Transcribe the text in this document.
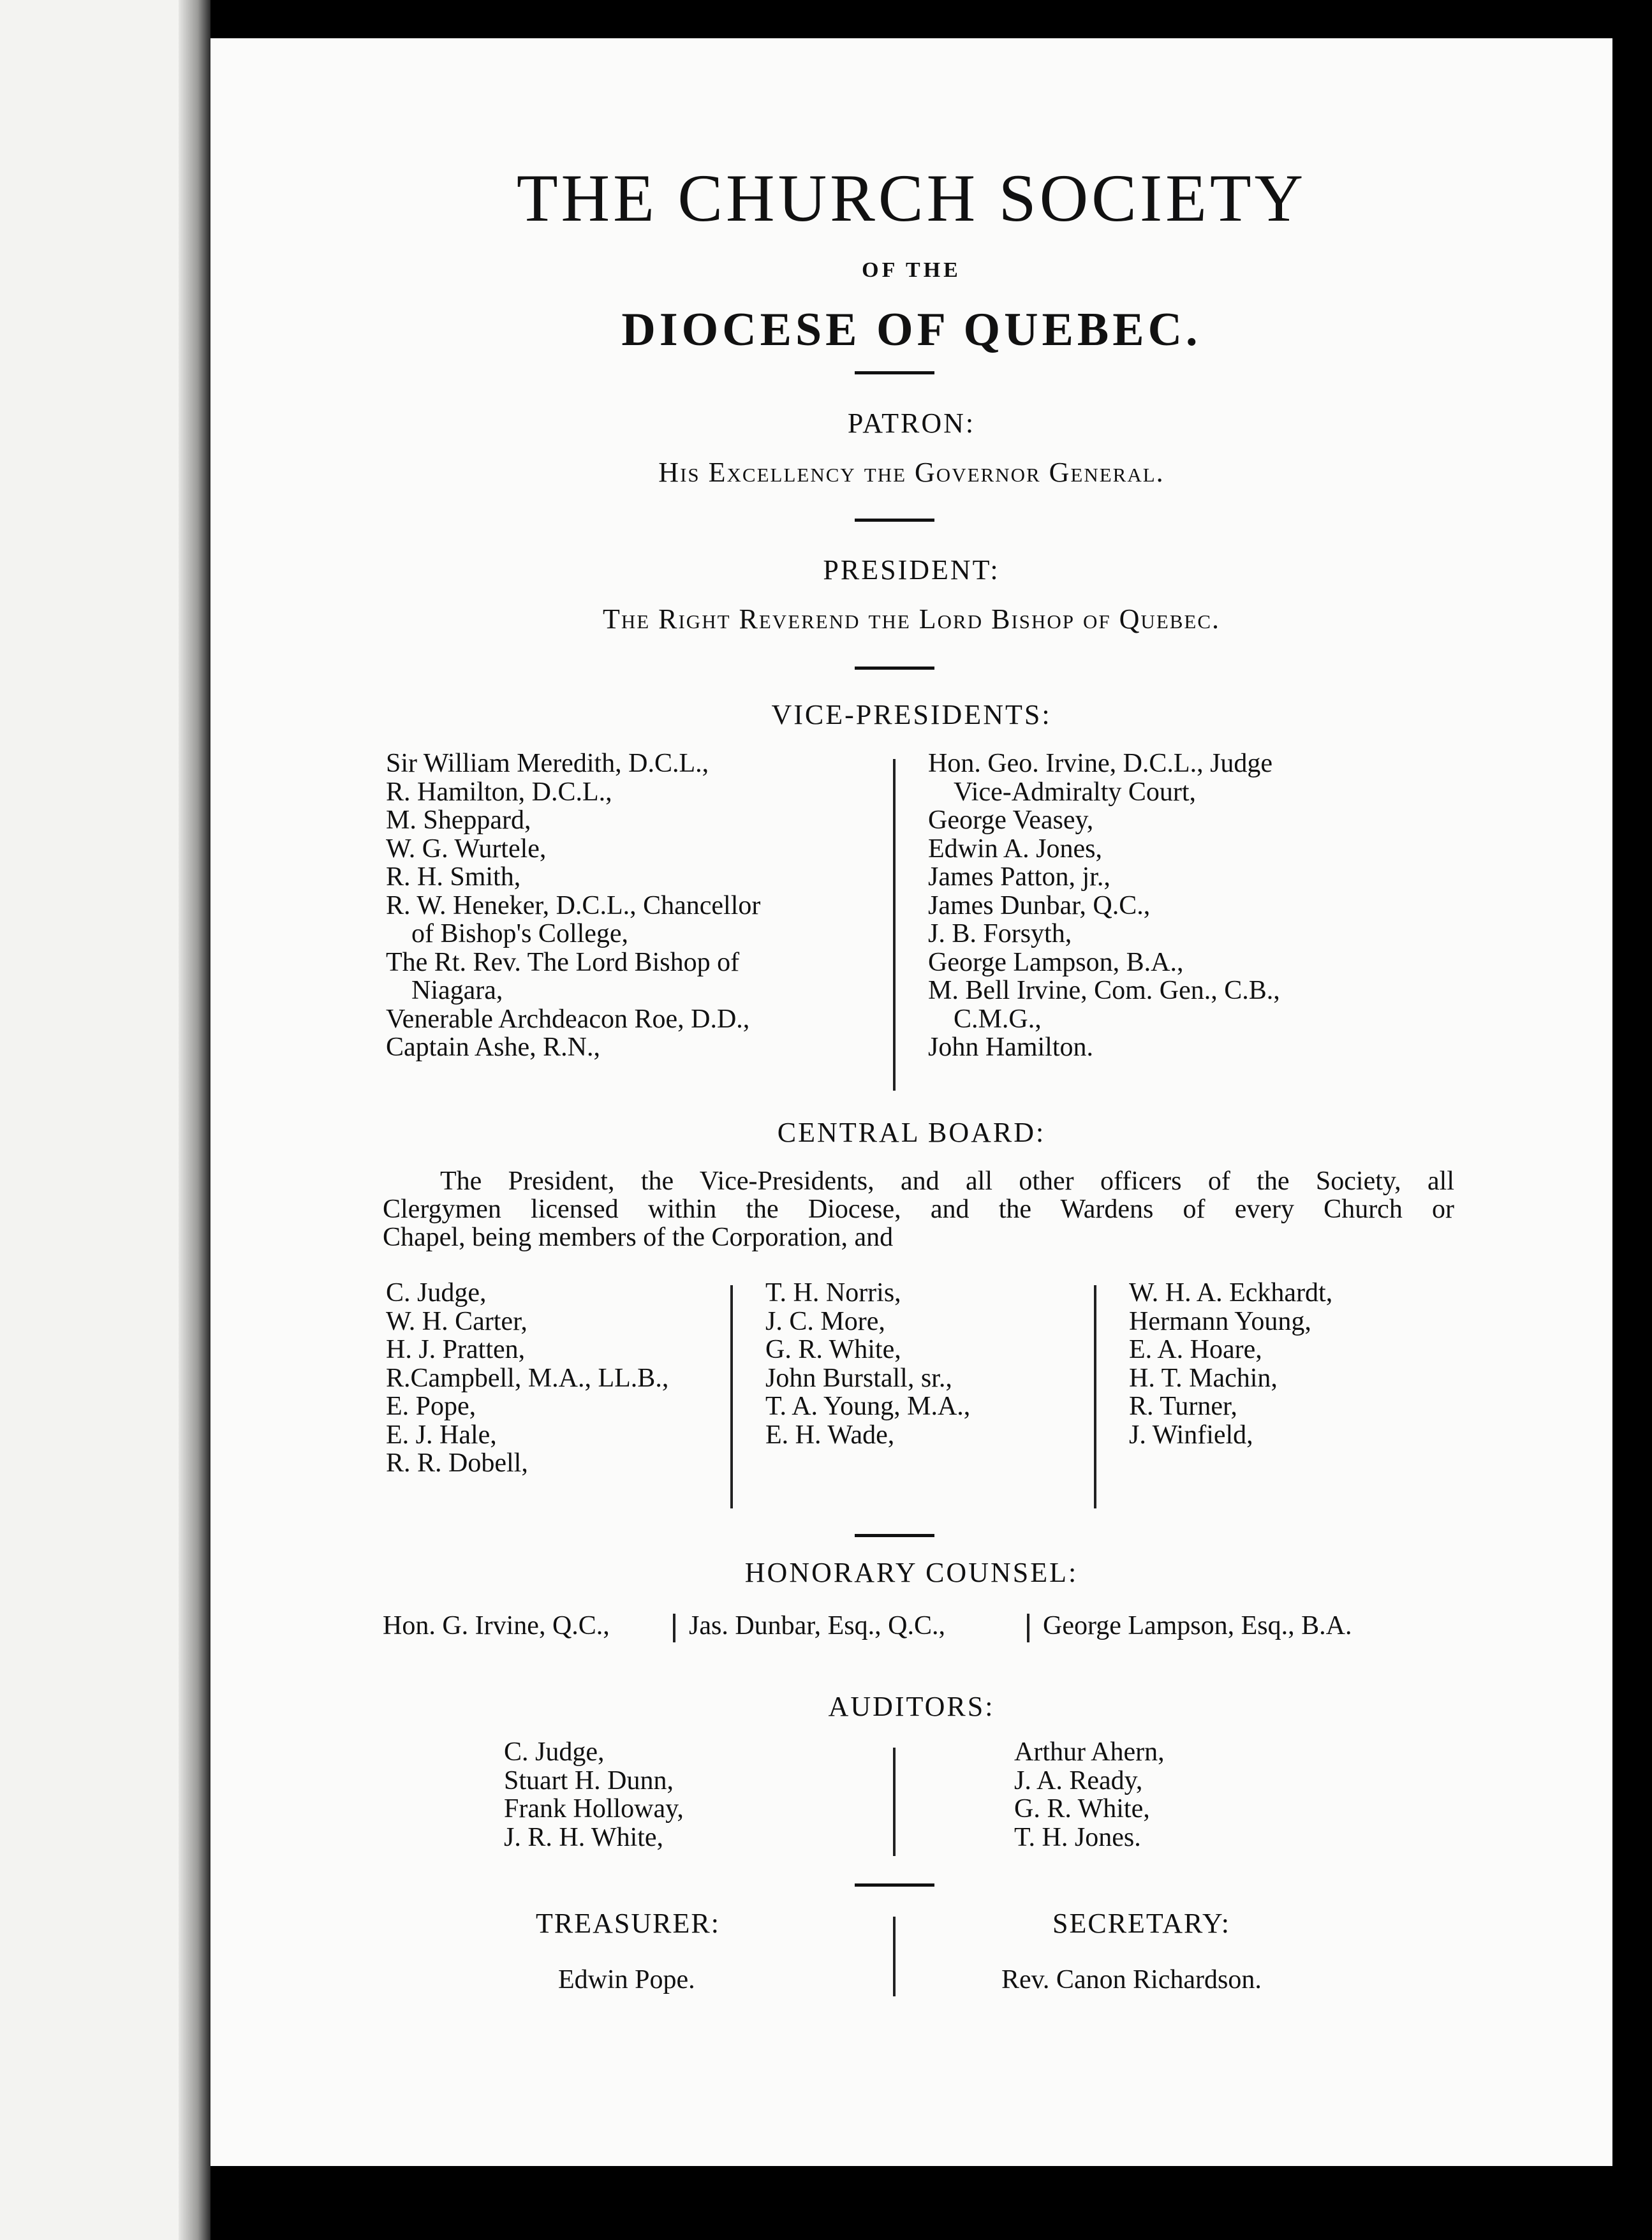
THE CHURCH SOCIETY
OF THE
DIOCESE OF QUEBEC.
PATRON:
His Excellency the Governor General.
PRESIDENT:
The Right Reverend the Lord Bishop of Quebec.
VICE-PRESIDENTS:
Sir William Meredith, D.C.L.,
R. Hamilton, D.C.L.,
M. Sheppard,
W. G. Wurtele,
R. H. Smith,
R. W. Heneker, D.C.L., Chancellor
of Bishop's College,
The Rt. Rev. The Lord Bishop of
Niagara,
Venerable Archdeacon Roe, D.D.,
Captain Ashe, R.N.,
Hon. Geo. Irvine, D.C.L., Judge
Vice-Admiralty Court,
George Veasey,
Edwin A. Jones,
James Patton, jr.,
James Dunbar, Q.C.,
J. B. Forsyth,
George Lampson, B.A.,
M. Bell Irvine, Com. Gen., C.B.,
C.M.G.,
John Hamilton.
CENTRAL BOARD:
The President, the Vice-Presidents, and all other officers of the Society, all
Clergymen licensed within the Diocese, and the Wardens of every Church or
Chapel, being members of the Corporation, and
C. Judge,
W. H. Carter,
H. J. Pratten,
R.Campbell, M.A., LL.B.,
E. Pope,
E. J. Hale,
R. R. Dobell,
T. H. Norris,
J. C. More,
G. R. White,
John Burstall, sr.,
T. A. Young, M.A.,
E. H. Wade,
W. H. A. Eckhardt,
Hermann Young,
E. A. Hoare,
H. T. Machin,
R. Turner,
J. Winfield,
HONORARY COUNSEL:
Hon. G. Irvine, Q.C.,	Jas. Dunbar, Esq., Q.C.,	George Lampson, Esq., B.A.
AUDITORS:
C. Judge,
Stuart H. Dunn,
Frank Holloway,
J. R. H. White,
Arthur Ahern,
J. A. Ready,
G. R. White,
T. H. Jones.
TREASURER:
Edwin Pope.
SECRETARY:
Rev. Canon Richardson.
